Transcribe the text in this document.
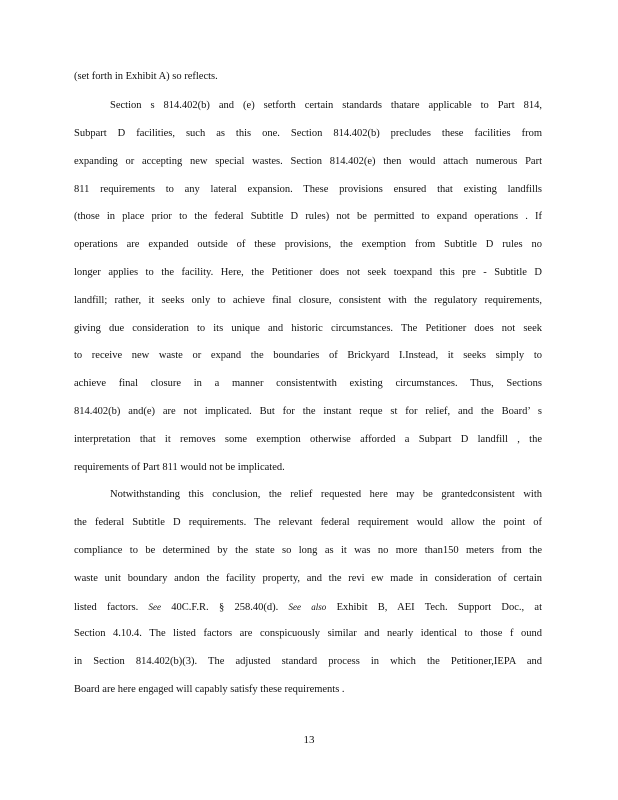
(set forth in Exhibit A) so reflects.
Section s 814.402(b) and (e) setforth certain standards thatare applicable to Part 814,
Subpart D facilities, such as this one. Section 814.402(b) precludes these facilities from
expanding or accepting new special wastes. Section 814.402(e) then would attach numerous Part
811 requirements to any lateral expansion. These provisions ensured that existing landfills
(those in place prior to the federal Subtitle D rules) not be permitted to expand operations . If
operations are expanded outside of these provisions, the exemption from Subtitle D rules no
longer applies to the facility. Here, the Petitioner does not seek toexpand this pre - Subtitle D
landfill; rather, it seeks only to achieve final closure, consistent with the regulatory requirements,
giving due consideration to its unique and historic circumstances. The Petitioner does not seek
to receive new waste or expand the boundaries of Brickyard I.Instead, it seeks simply to
achieve final closure in a manner consistentwith existing circumstances. Thus, Sections
814.402(b) and(e) are not implicated. But for the instant reque st for relief, and the Board’ s
interpretation that it removes some exemption otherwise afforded a Subpart D landfill , the
requirements of Part 811 would not be implicated.
Notwithstanding this conclusion, the relief requested here may be grantedconsistent with
the federal Subtitle D requirements. The relevant federal requirement would allow the point of
compliance to be determined by the state so long as it was no more than150 meters from the
waste unit boundary andon the facility property, and the revi ew made in consideration of certain
listed factors. See 40C.F.R. § 258.40(d). See also Exhibit B, AEI Tech. Support Doc., at
Section 4.10.4. The listed factors are conspicuously similar and nearly identical to those f ound
in Section 814.402(b)(3). The adjusted standard process in which the Petitioner,IEPA and
Board are here engaged will capably satisfy these requirements .
13
